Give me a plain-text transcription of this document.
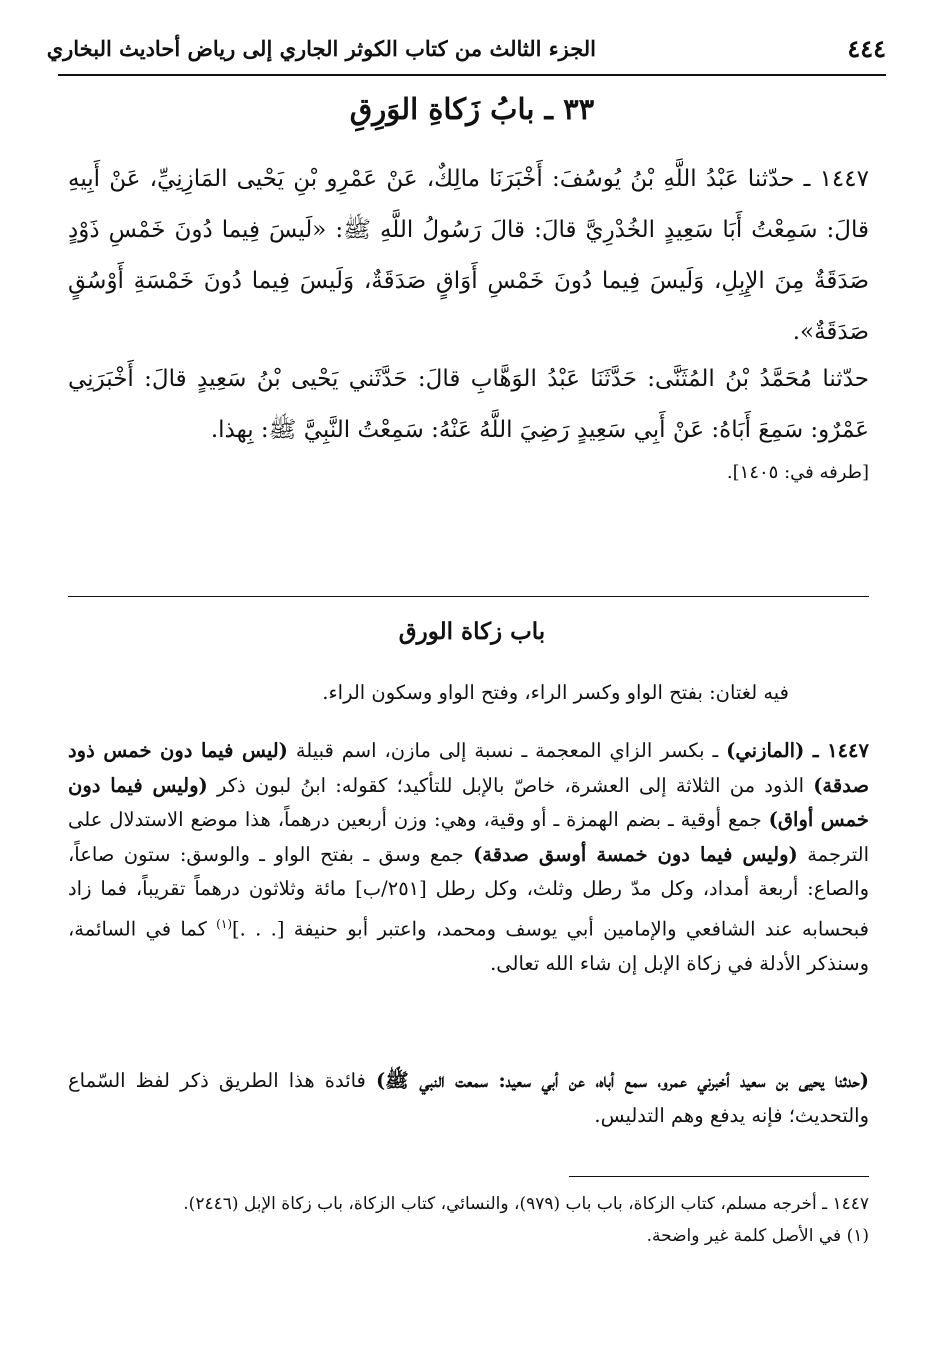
٤٤٤
الجزء الثالث من كتاب الكوثر الجاري إلى رياض أحاديث البخاري
٣٣ ـ بابُ زَكاةِ الوَرِقِ

١٤٤٧ ـ حدّثنا عَبْدُ اللَّهِ بْنُ يُوسُفَ: أَخْبَرَنَا مالِكٌ، عَنْ عَمْرِو بْنِ يَحْيى المَازِنِيِّ، عَنْ أَبِيهِ قالَ: سَمِعْتُ أَبَا سَعِيدٍ الخُدْرِيَّ قالَ: قالَ رَسُولُ اللَّهِ ﷺ: «لَيسَ فِيما دُونَ خَمْسِ ذَوْدٍ صَدَقَةٌ مِنَ الإِبِلِ، وَلَيسَ فِيما دُونَ خَمْسِ أَوَاقٍ صَدَقَةٌ، وَلَيسَ فِيما دُونَ خَمْسَةِ أَوْسُقٍ صَدَقَةٌ».

حدّثنا مُحَمَّدُ بْنُ المُثَنَّى: حَدَّثَنَا عَبْدُ الوَهَّابِ قالَ: حَدَّثَني يَحْيى بْنُ سَعِيدٍ قالَ: أَخْبَرَنِي عَمْرٌو: سَمِعَ أَبَاهُ: عَنْ أَبِي سَعِيدٍ رَضِيَ اللَّهُ عَنْهُ: سَمِعْتُ النَّبِيَّ ﷺ: بِهذا.

[طرفه في: ١٤٠٥].
باب زكاة الورق
فيه لغتان: بفتح الواو وكسر الراء، وفتح الواو وسكون الراء.
١٤٤٧ ـ (المازني) ـ بكسر الزاي المعجمة ـ نسبة إلى مازن، اسم قبيلة (ليس فيما دون خمس ذود صدقة) الذود من الثلاثة إلى العشرة، خاصّ بالإبل للتأكيد؛ كقوله: ابنُ لبون ذكر (وليس فيما دون خمس أواق) جمع أوقية ـ بضم الهمزة ـ أو وقية، وهي: وزن أربعين درهماً، هذا موضع الاستدلال على الترجمة (وليس فيما دون خمسة أوسق صدقة) جمع وسق ـ بفتح الواو ـ والوسق: ستون صاعاً، والصاع: أربعة أمداد، وكل مدّ رطل وثلث، وكل رطل [٢٥١/ب] مائة وثلاثون درهماً تقريباً، فما زاد فبحسابه عند الشافعي والإمامين أبي يوسف ومحمد، واعتبر أبو حنيفة [. . .]$^{(١)}$ كما في السائمة، وسنذكر الأدلة في زكاة الإبل إن شاء الله تعالى.
(حدثنا يحيى بن سعيد أخبرني عمرو، سمع أباه، عن أبي سعيد: سمعت النبي ﷺ) فائدة هذا الطريق ذكر لفظ السّماع والتحديث؛ فإنه يدفع وهم التدليس.
١٤٤٧ ـ أخرجه مسلم، كتاب الزكاة، باب باب (٩٧٩)، والنسائي، كتاب الزكاة، باب زكاة الإبل (٢٤٤٦).
(١) في الأصل كلمة غير واضحة.
